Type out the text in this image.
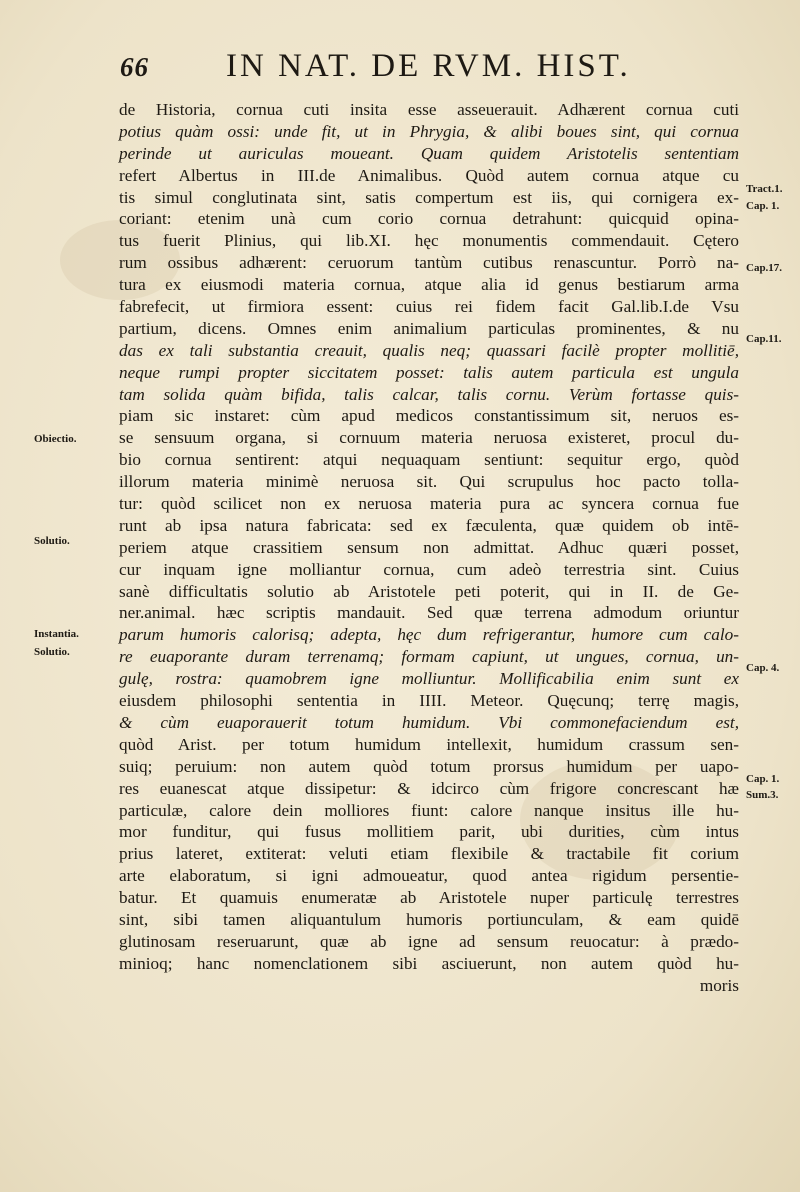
66 IN NAT. DE RVM. HIST.
de Historia, cornua cuti insita esse asseuerauit. Adhærent cornua cuti
potius quàm ossi: unde fit, ut in Phrygia, & alibi boues sint, qui cornua
perinde ut auriculas moueant. Quam quidem Aristotelis sententiam
refert Albertus in III.de Animalibus. Quòd autem cornua atque cu
tis simul conglutinata sint, satis compertum est iis, qui cornigera ex-
coriant: etenim unà cum corio cornua detrahunt: quicquid opina-
tus fuerit Plinius, qui lib.XI. hęc monumentis commendauit. Cętero
rum ossibus adhærent: ceruorum tantùm cutibus renascuntur. Porrò na-
tura ex eiusmodi materia cornua, atque alia id genus bestiarum arma
fabrefecit, ut firmiora essent: cuius rei fidem facit Gal.lib.I.de Vsu
partium, dicens. Omnes enim animalium particulas prominentes, & nu
das ex tali substantia creauit, qualis neq; quassari facilè propter mollitiē,
neque rumpi propter siccitatem posset: talis autem particula est ungula
tam solida quàm bifida, talis calcar, talis cornu. Verùm fortasse quis-
piam sic instaret: cùm apud medicos constantissimum sit, neruos es-
se sensuum organa, si cornuum materia neruosa existeret, procul du-
bio cornua sentirent: atqui nequaquam sentiunt: sequitur ergo, quòd
illorum materia minimè neruosa sit. Qui scrupulus hoc pacto tolla-
tur: quòd scilicet non ex neruosa materia pura ac syncera cornua fue
runt ab ipsa natura fabricata: sed ex fæculenta, quæ quidem ob intē-
periem atque crassitiem sensum non admittat. Adhuc quæri posset,
cur inquam igne molliantur cornua, cum adeò terrestria sint. Cuius
sanè difficultatis solutio ab Aristotele peti poterit, qui in II. de Ge-
ner.animal. hæc scriptis mandauit. Sed quæ terrena admodum oriuntur
parum humoris calorisq; adepta, hęc dum refrigerantur, humore cum calo-
re euaporante duram terrenamq; formam capiunt, ut ungues, cornua, un-
gulę, rostra: quamobrem igne molliuntur. Mollificabilia enim sunt ex
eiusdem philosophi sententia in IIII. Meteor. Quęcunq; terrę magis,
& cùm euaporauerit totum humidum. Vbi commonefaciendum est,
quòd Arist. per totum humidum intellexit, humidum crassum sen-
suiq; peruium: non autem quòd totum prorsus humidum per uapo-
res euanescat atque dissipetur: & idcirco cùm frigore concrescant hæ
particulæ, calore dein molliores fiunt: calore nanque insitus ille hu-
mor funditur, qui fusus mollitiem parit, ubi durities, cùm intus
prius lateret, extiterat: veluti etiam flexibile & tractabile fit corium
arte elaboratum, si igni admoueatur, quod antea rigidum persentie-
batur. Et quamuis enumeratæ ab Aristotele nuper particulę terrestres
sint, sibi tamen aliquantulum humoris portiunculam, & eam quidē
glutinosam reseruarunt, quæ ab igne ad sensum reuocatur: à prædo-
minioq; hanc nomenclationem sibi asciuerunt, non autem quòd hu-
moris
Obiectio.
Solutio.
Instantia.
Solutio.
Tract.1.
Cap. 1.
Cap.17.
Cap.11.
Cap. 4.
Cap. 1.
Sum.3.
